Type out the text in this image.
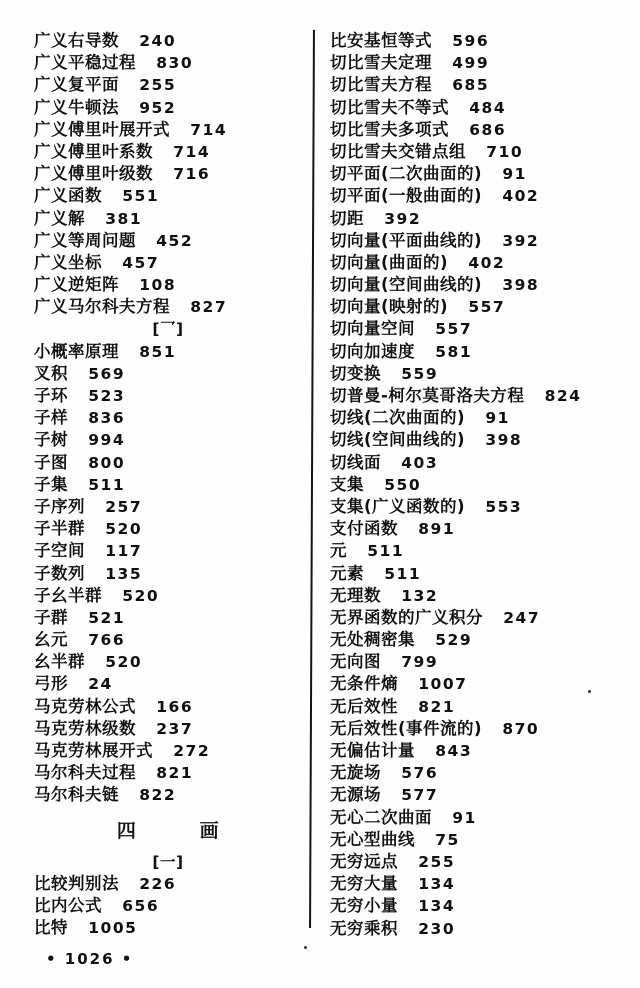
广义右导数 240
广义平稳过程 830
广义复平面 255
广义牛顿法 952
广义傅里叶展开式 714
广义傅里叶系数 714
广义傅里叶级数 716
广义函数 551
广义解 381
广义等周问题 452
广义坐标 457
广义逆矩阵 108
广义马尔科夫方程 827
[乛]
小概率原理 851
叉积 569
子环 523
子样 836
子树 994
子图 800
子集 511
子序列 257
子半群 520
子空间 117
子数列 135
子幺半群 520
子群 521
幺元 766
幺半群 520
弓形 24
马克劳林公式 166
马克劳林级数 237
马克劳林展开式 272
马尔科夫过程 821
马尔科夫链 822
四	画
[一]
比较判别法 226
比内公式 656
比特 1005
比安基恒等式 596
切比雪夫定理 499
切比雪夫方程 685
切比雪夫不等式 484
切比雪夫多项式 686
切比雪夫交错点组 710
切平面(二次曲面的) 91
切平面(一般曲面的) 402
切距 392
切向量(平面曲线的) 392
切向量(曲面的) 402
切向量(空间曲线的) 398
切向量(映射的) 557
切向量空间 557
切向加速度 581
切变换 559
切普曼-柯尔莫哥洛夫方程 824
切线(二次曲面的) 91
切线(空间曲线的) 398
切线面 403
支集 550
支集(广义函数的) 553
支付函数 891
元 511
元素 511
无理数 132
无界函数的广义积分 247
无处稠密集 529
无向图 799
无条件熵 1007
无后效性 821
无后效性(事件流的) 870
无偏估计量 843
无旋场 576
无源场 577
无心二次曲面 91
无心型曲线 75
无穷远点 255
无穷大量 134
无穷小量 134
无穷乘积 230
• 1026 •
